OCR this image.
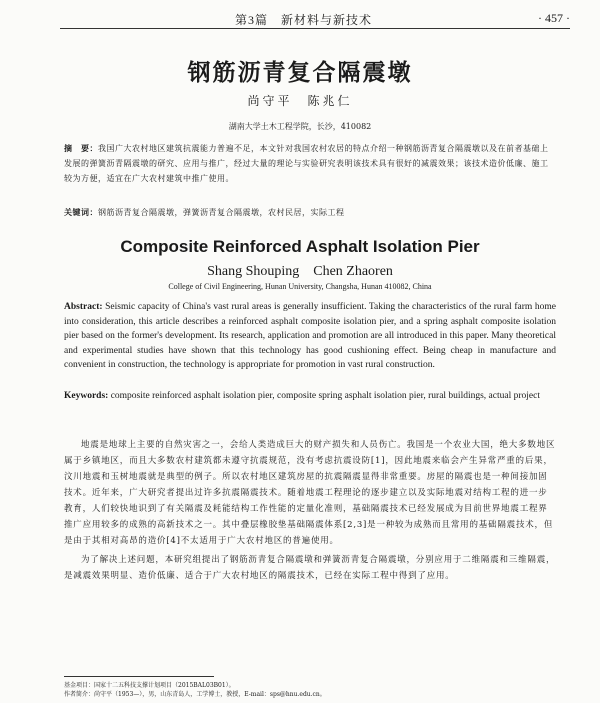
第3篇　新材料与新技术	· 457 ·
钢筋沥青复合隔震墩
尚守平　陈兆仁
湖南大学土木工程学院，长沙，410082
摘　要：我国广大农村地区建筑抗震能力普遍不足，本文针对我国农村农居的特点介绍一种钢筋沥青复合隔震墩以及在前者基础上发展的弹簧沥青隔震墩的研究、应用与推广，经过大量的理论与实验研究表明该技术具有很好的减震效果；该技术造价低廉、施工较为方便，适宜在广大农村建筑中推广使用。
关键词：钢筋沥青复合隔震墩，弹簧沥青复合隔震墩，农村民居，实际工程
Composite Reinforced Asphalt Isolation Pier
Shang Shouping　Chen Zhaoren
College of Civil Engineering, Hunan University, Changsha, Hunan 410082, China
Abstract: Seismic capacity of China's vast rural areas is generally insufficient. Taking the characteristics of the rural farm home into consideration, this article describes a reinforced asphalt composite isolation pier, and a spring asphalt composite isolation pier based on the former's development. Its research, application and promotion are all introduced in this paper. Many theoretical and experimental studies have shown that this technology has good cushioning effect. Being cheap in manufacture and convenient in construction, the technology is appropriate for promotion in vast rural construction.
Keywords: composite reinforced asphalt isolation pier, composite spring asphalt isolation pier, rural buildings, actual project
地震是地球上主要的自然灾害之一，会给人类造成巨大的财产损失和人员伤亡。我国是一个农业大国，绝大多数地区属于乡镇地区，而且大多数农村建筑都未遵守抗震规范，没有考虑抗震设防[1]，因此地震来临会产生异常严重的后果，汶川地震和玉树地震就是典型的例子。所以农村地区建筑房屋的抗震隔震显得非常重要。房屋的隔震也是一种间接加固技术。近年来，广大研究者提出过许多抗震隔震技术。随着地震工程理论的逐步建立以及实际地震对结构工程的进一步教育，人们较快地识到了有关隔震及耗能结构工作性能的定量化准则，基础隔震技术已经发展成为目前世界地震工程界推广应用较多的成熟的高新技术之一。其中叠层橡胶垫基础隔震体系[2,3]是一种较为成熟而且常用的基础隔震技术，但是由于其相对高昂的造价[4]不太适用于广大农村地区的普遍使用。
为了解决上述问题，本研究组提出了钢筋沥青复合隔震墩和弹簧沥青复合隔震墩，分别应用于二维隔震和三维隔震，是减震效果明显、造价低廉、适合于广大农村地区的隔震技术，已经在实际工程中得到了应用。
基金项目：国家十二五科技支撑计划项目（2015BAL03B01）。
作者简介：尚守平（1953—），男，山东青岛人，工学博士，教授，E-mail：sps@hnu.edu.cn。
